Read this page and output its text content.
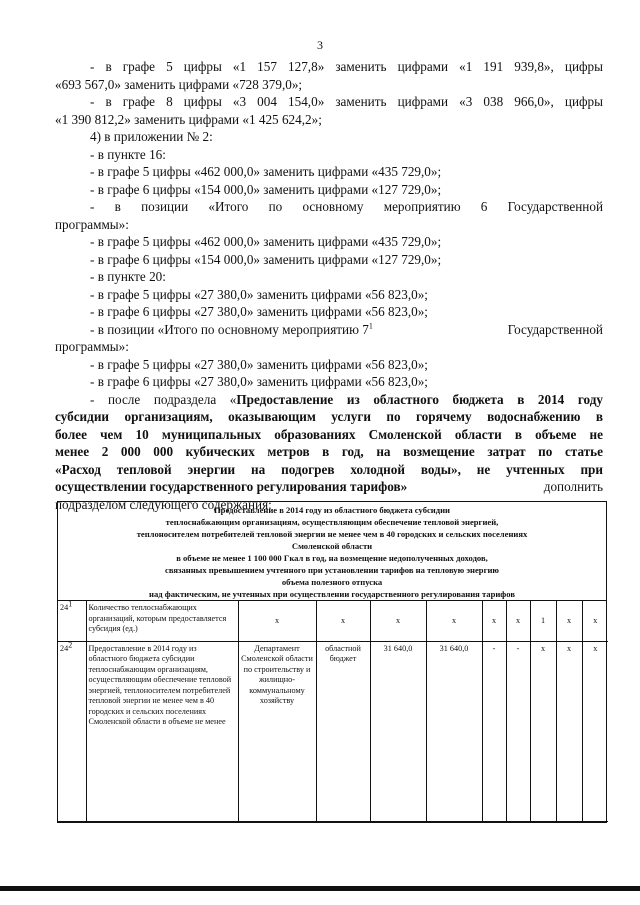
3
- в графе 5 цифры «1 157 127,8» заменить цифрами «1 191 939,8», цифры
«693 567,0» заменить цифрами «728 379,0»;
- в графе 8 цифры «3 004 154,0» заменить цифрами «3 038 966,0», цифры
«1 390 812,2» заменить цифрами «1 425 624,2»;
4) в приложении № 2:
- в пункте 16:
- в графе 5 цифры «462 000,0» заменить цифрами «435 729,0»;
- в графе 6 цифры «154 000,0» заменить цифрами «127 729,0»;
- в позиции «Итого по основному мероприятию 6 Государственной
программы»:
- в графе 5 цифры «462 000,0» заменить цифрами «435 729,0»;
- в графе 6 цифры «154 000,0» заменить цифрами «127 729,0»;
- в пункте 20:
- в графе 5 цифры «27 380,0» заменить цифрами «56 823,0»;
- в графе 6 цифры «27 380,0» заменить цифрами «56 823,0»;
- в позиции «Итого по основному мероприятию $7^1$	Государственной
программы»:
- в графе 5 цифры «27 380,0» заменить цифрами «56 823,0»;
- в графе 6 цифры «27 380,0» заменить цифрами «56 823,0»;
- после подраздела «Предоставление из областного бюджета в 2014 году
субсидии организациям, оказывающим услуги по горячему водоснабжению в
более чем 10 муниципальных образованиях Смоленской области в объеме не
менее 2 000 000 кубических метров в год, на возмещение затрат по статье
«Расход тепловой энергии на подогрев холодной воды», не учтенных при
осуществлении государственного регулирования тарифов»	дополнить
подразделом следующего содержания:
Предоставление в 2014 году из областного бюджета субсидии
теплоснабжающим организациям, осуществляющим обеспечение тепловой энергией,
теплоносителем потребителей тепловой энергии не менее чем в 40 городских и сельских поселениях
Смоленской области
в объеме не менее 1 100 000 Гкал в год, на возмещение недополученных доходов,
связанных превышением учтенного при установлении тарифов на тепловую энергию
объема полезного отпуска
над фактическим, не учтенных при осуществлении государственного регулирования тарифов
$24^1$	Количество теплоснабжающих организаций, которым предоставляется субсидия (ед.)	х	х	х	х	х	х	1	х	х
$24^2$	Предоставление в 2014 году из областного бюджета субсидии теплоснабжающим организациям, осуществляющим обеспечение тепловой энергией, теплоносителем потребителей тепловой энергии не менее чем в 40 городских и сельских поселениях Смоленской области в объеме не менее	Департамент Смоленской области по строительству и жилищно-коммунальному хозяйству	областной бюджет	31 640,0	31 640,0	-	-	х	х	х
